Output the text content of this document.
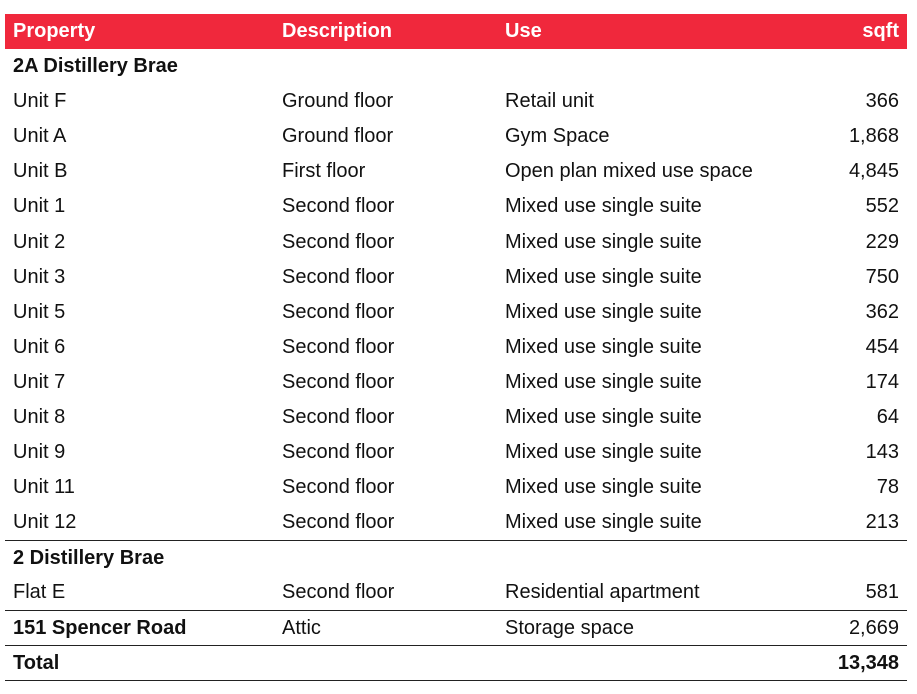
Property	Description	Use	sqft
2A Distillery Brae			
Unit F	Ground floor	Retail unit	366
Unit A	Ground floor	Gym Space	1,868
Unit B	First floor	Open plan mixed use space	4,845
Unit 1	Second floor	Mixed use single suite	552
Unit 2	Second floor	Mixed use single suite	229
Unit 3	Second floor	Mixed use single suite	750
Unit 5	Second floor	Mixed use single suite	362
Unit 6	Second floor	Mixed use single suite	454
Unit 7	Second floor	Mixed use single suite	174
Unit 8	Second floor	Mixed use single suite	64
Unit 9	Second floor	Mixed use single suite	143
Unit 11	Second floor	Mixed use single suite	78
Unit 12	Second floor	Mixed use single suite	213
2 Distillery Brae			
Flat E	Second floor	Residential apartment	581
151 Spencer Road	Attic	Storage space	2,669
Total			13,348
